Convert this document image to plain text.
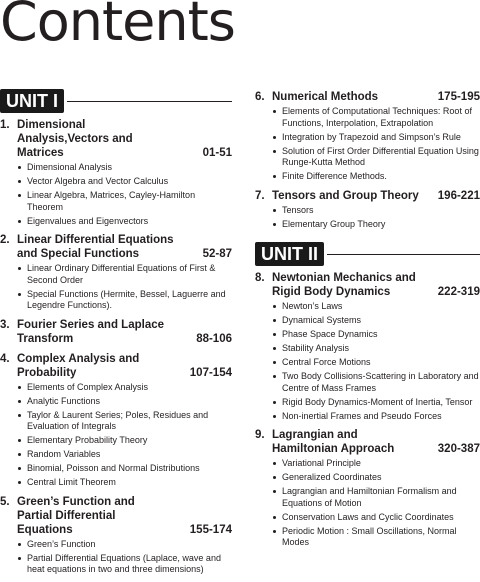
Contents
UNIT I
1. Dimensional Analysis,Vectors and Matrices	01-51
Dimensional Analysis
Vector Algebra and Vector Calculus
Linear Algebra, Matrices, Cayley-Hamilton Theorem
Eigenvalues and Eigenvectors
2. Linear Differential Equations and Special Functions	52-87
Linear Ordinary Differential Equations of First & Second Order
Special Functions (Hermite, Bessel, Laguerre and Legendre Functions).
3. Fourier Series and Laplace Transform	88-106
4. Complex Analysis and Probability	107-154
Elements of Complex Analysis
Analytic Functions
Taylor & Laurent Series; Poles, Residues and Evaluation of Integrals
Elementary Probability Theory
Random Variables
Binomial, Poisson and Normal Distributions
Central Limit Theorem
5. Green’s Function and Partial Differential Equations	155-174
Green’s Function
Partial Differential Equations (Laplace, wave and heat equations in two and three dimensions)
6. Numerical Methods	175-195
Elements of Computational Techniques: Root of Functions, Interpolation, Extrapolation
Integration by Trapezoid and Simpson’s Rule
Solution of First Order Differential Equation Using Runge-Kutta Method
Finite Difference Methods.
7. Tensors and Group Theory	196-221
Tensors
Elementary Group Theory
UNIT II
8. Newtonian Mechanics and Rigid Body Dynamics	222-319
Newton’s Laws
Dynamical Systems
Phase Space Dynamics
Stability Analysis
Central Force Motions
Two Body Collisions-Scattering in Laboratory and Centre of Mass Frames
Rigid Body Dynamics-Moment of Inertia, Tensor
Non-inertial Frames and Pseudo Forces
9. Lagrangian and Hamiltonian Approach	320-387
Variational Principle
Generalized Coordinates
Lagrangian and Hamiltonian Formalism and Equations of Motion
Conservation Laws and Cyclic Coordinates
Periodic Motion : Small Oscillations, Normal Modes
